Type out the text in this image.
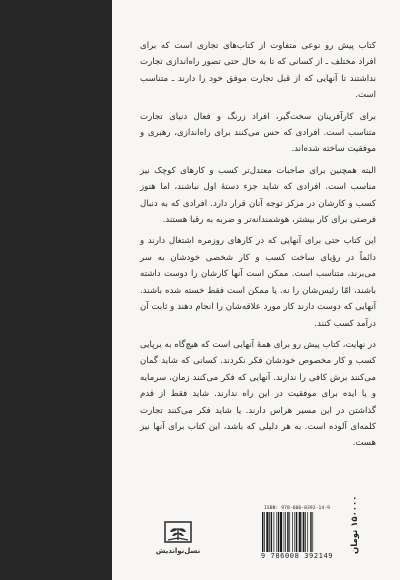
کتاب پیش رو نوعی متفاوت از کتاب‌های تجاری است که برای افراد مختلف ـ از کسانی که تا به حال حتی تصور راه‌اندازی تجارت نداشتند تا آنهایی که از قبل تجارت موفق خود را دارند ـ متناسب است.

برای کارآفرینان سخت‌گیر، افراد زرنگ و فعال دنیای تجارت متناسب است. افرادی که حس می‌کنند برای راه‌اندازی، رهبری و موفقیت ساخته شده‌اند.

البته همچنین برای صاحبات معتدل‌تر کسب و کارهای کوچک نیز مناسب است. افرادی که شاید جزء دستهٔ اول نباشند، اما هنوز کسب و کارشان در مرکز توجه آنان قرار دارد. افرادی که به دنبال فرصتی برای کار بیشتر، هوشمندانه‌تر و ضربه به رقبا هستند.

این کتاب حتی برای آنهایی که در کارهای روزمره اشتغال دارند و دائماً در رؤیای ساخت کسب و کار شخصی خودشان به سر می‌برند، متناسب است. ممکن است آنها کارشان را دوست داشته باشند، امّا رئیس‌شان را نه. یا ممکن است فقط خسته شده باشند. آنهایی که دوست دارند کار مورد علاقه‌شان را انجام دهند و ثابت آن درآمد کسب کنند.

در نهایت، کتاب پیش رو برای همهٔ آنهایی است که هیچ‌گاه به برپایی کسب و کار مخصوص خودشان فکر نکردند. کسانی که شاید گمان می‌کنند برش کافی را ندارند. آنهایی که فکر می‌کنند زمان، سرمایه و یا ایده برای موفقیت در این راه ندارند. شاید فقط از قدم گذاشتن در این مسیر هراس دارند. یا شاید فکر می‌کنند تجارت کلمه‌ای آلوده است. به هر دلیلی که باشد، این کتاب برای آنها نیز هست.

نسل‌نوانديش
ISBN: 978-600-8392-14-9
9 786008 392149
۱۵۰۰۰۰ تومان
